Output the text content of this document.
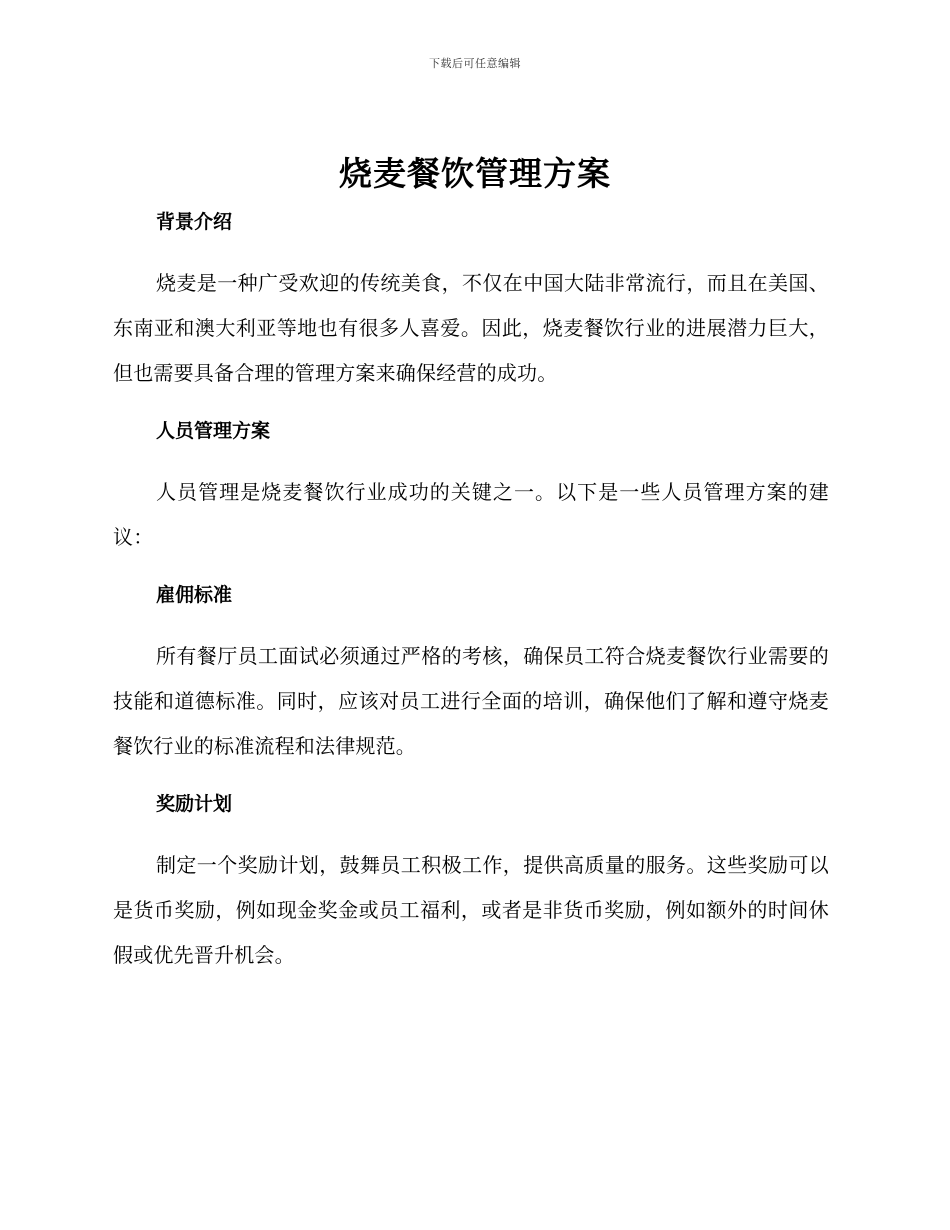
下载后可任意编辑
烧麦餐饮管理方案
背景介绍

烧麦是一种广受欢迎的传统美食，不仅在中国大陆非常流行，而且在美国、东南亚和澳大利亚等地也有很多人喜爱。因此，烧麦餐饮行业的进展潜力巨大，但也需要具备合理的管理方案来确保经营的成功。

人员管理方案

人员管理是烧麦餐饮行业成功的关键之一。以下是一些人员管理方案的建议：

雇佣标准

所有餐厅员工面试必须通过严格的考核，确保员工符合烧麦餐饮行业需要的技能和道德标准。同时，应该对员工进行全面的培训，确保他们了解和遵守烧麦餐饮行业的标准流程和法律规范。

奖励计划

制定一个奖励计划，鼓舞员工积极工作，提供高质量的服务。这些奖励可以是货币奖励，例如现金奖金或员工福利，或者是非货币奖励，例如额外的时间休假或优先晋升机会。
